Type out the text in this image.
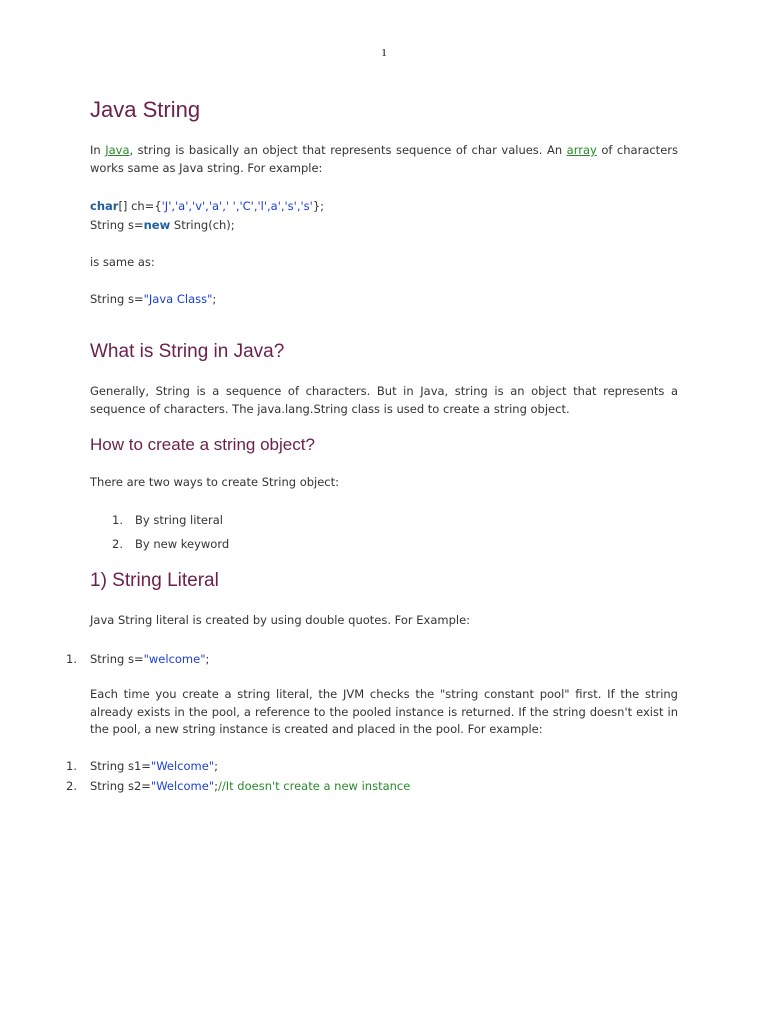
1
Java String
In Java, string is basically an object that represents sequence of char values. An array of characters works same as Java string. For example:
char[] ch={'J','a','v','a',' ','C','l',a','s','s'};
String s=new String(ch);
is same as:
String s="Java Class";
What is String in Java?
Generally, String is a sequence of characters. But in Java, string is an object that represents a sequence of characters. The java.lang.String class is used to create a string object.
How to create a string object?
There are two ways to create String object:
1. By string literal
2. By new keyword
1) String Literal
Java String literal is created by using double quotes. For Example:
1. String s="welcome";
Each time you create a string literal, the JVM checks the "string constant pool" first. If the string already exists in the pool, a reference to the pooled instance is returned. If the string doesn't exist in the pool, a new string instance is created and placed in the pool. For example:
1. String s1="Welcome";
2. String s2="Welcome";//It doesn't create a new instance
